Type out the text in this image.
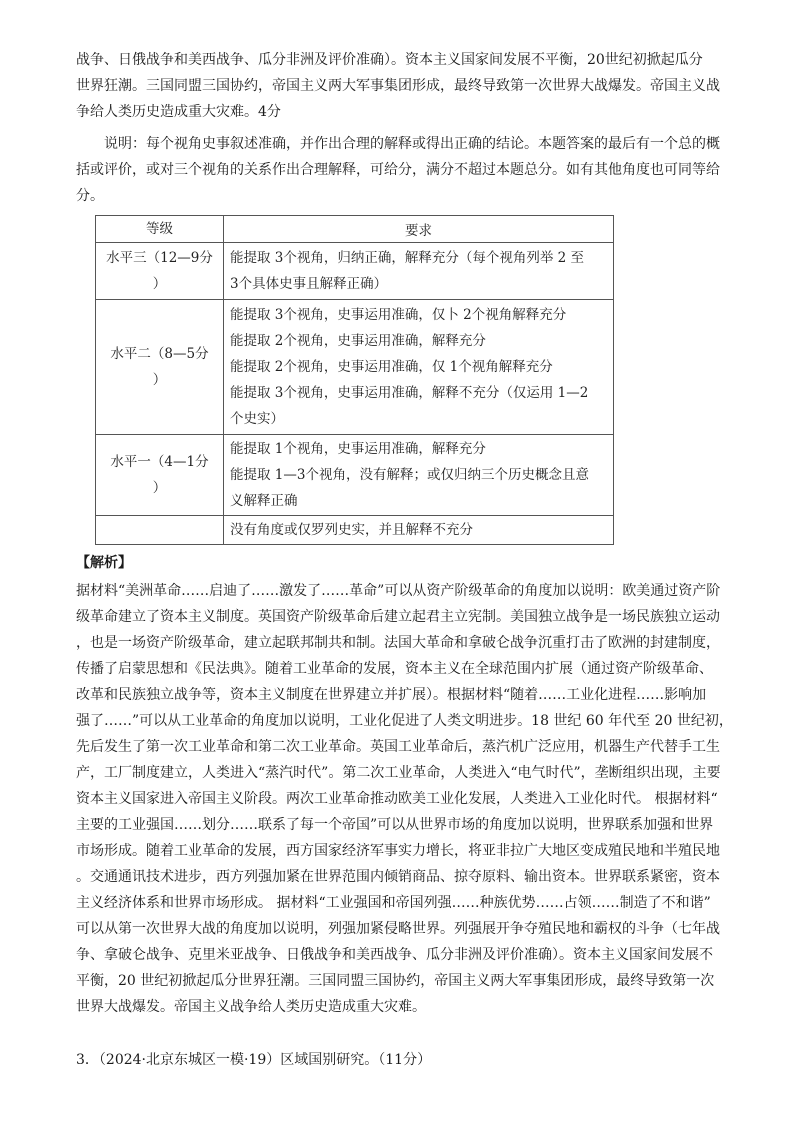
战争、日俄战争和美西战争、瓜分非洲及评价准确）。资本主义国家间发展不平衡，20世纪初掀起瓜分
世界狂潮。三国同盟三国协约，帝国主义两大军事集团形成，最终导致第一次世界大战爆发。帝国主义战
争给人类历史造成重大灾难。4分
说明：每个视角史事叙述准确，并作出合理的解释或得出正确的结论。本题答案的最后有一个总的概
括或评价，或对三个视角的关系作出合理解释，可给分，满分不超过本题总分。如有其他角度也可同等给
分。
等级	要求

水平三（12—9分
）	能提取 3个视角，归纳正确，解释充分（每个视角列举 2 至
3个具体史事且解释正确）

水平二（8—5分
）	能提取 3个视角，史事运用准确，仅卜 2个视角解释充分
能提取 2个视角，史事运用准确，解释充分
能提取 2个视角，史事运用准确，仅 1个视角解释充分
能提取 3个视角，史事运用准确，解释不充分（仅运用 1—2
个史实）

水平一（4—1分
）	能提取 1个视角，史事运用准确，解释充分
能提取 1—3个视角，没有解释；或仅归纳三个历史概念且意
义解释正确

	没有角度或仅罗列史实，并且解释不充分
【解析】
据材料“美洲革命……启迪了……激发了……革命”可以从资产阶级革命的角度加以说明：欧美通过资产阶
级革命建立了资本主义制度。英国资产阶级革命后建立起君主立宪制。美国独立战争是一场民族独立运动
，也是一场资产阶级革命，建立起联邦制共和制。法国大革命和拿破仑战争沉重打击了欧洲的封建制度，
传播了启蒙思想和《民法典》。随着工业革命的发展，资本主义在全球范围内扩展（通过资产阶级革命、
改革和民族独立战争等，资本主义制度在世界建立并扩展）。根据材料“随着……工业化进程……影响加
强了……”可以从工业革命的角度加以说明，工业化促进了人类文明进步。18 世纪 60 年代至 20 世纪初，
先后发生了第一次工业革命和第二次工业革命。英国工业革命后，蒸汽机广泛应用，机器生产代替手工生
产，工厂制度建立，人类进入“蒸汽时代”。第二次工业革命，人类进入“电气时代”，垄断组织出现，主要
资本主义国家进入帝国主义阶段。两次工业革命推动欧美工业化发展，人类进入工业化时代。 根据材料“
主要的工业强国……划分……联系了每一个帝国”可以从世界市场的角度加以说明，世界联系加强和世界
市场形成。随着工业革命的发展，西方国家经济军事实力增长，将亚非拉广大地区变成殖民地和半殖民地
。交通通讯技术进步，西方列强加紧在世界范围内倾销商品、掠夺原料、输出资本。世界联系紧密，资本
主义经济体系和世界市场形成。 据材料“工业强国和帝国列强……种族优势……占领……制造了不和谐”
可以从第一次世界大战的角度加以说明，列强加紧侵略世界。列强展开争夺殖民地和霸权的斗争（七年战
争、拿破仑战争、克里米亚战争、日俄战争和美西战争、瓜分非洲及评价准确）。资本主义国家间发展不
平衡，20 世纪初掀起瓜分世界狂潮。三国同盟三国协约，帝国主义两大军事集团形成，最终导致第一次
世界大战爆发。帝国主义战争给人类历史造成重大灾难。
3．（2024·北京东城区一模·19）区域国别研究。（11分）
